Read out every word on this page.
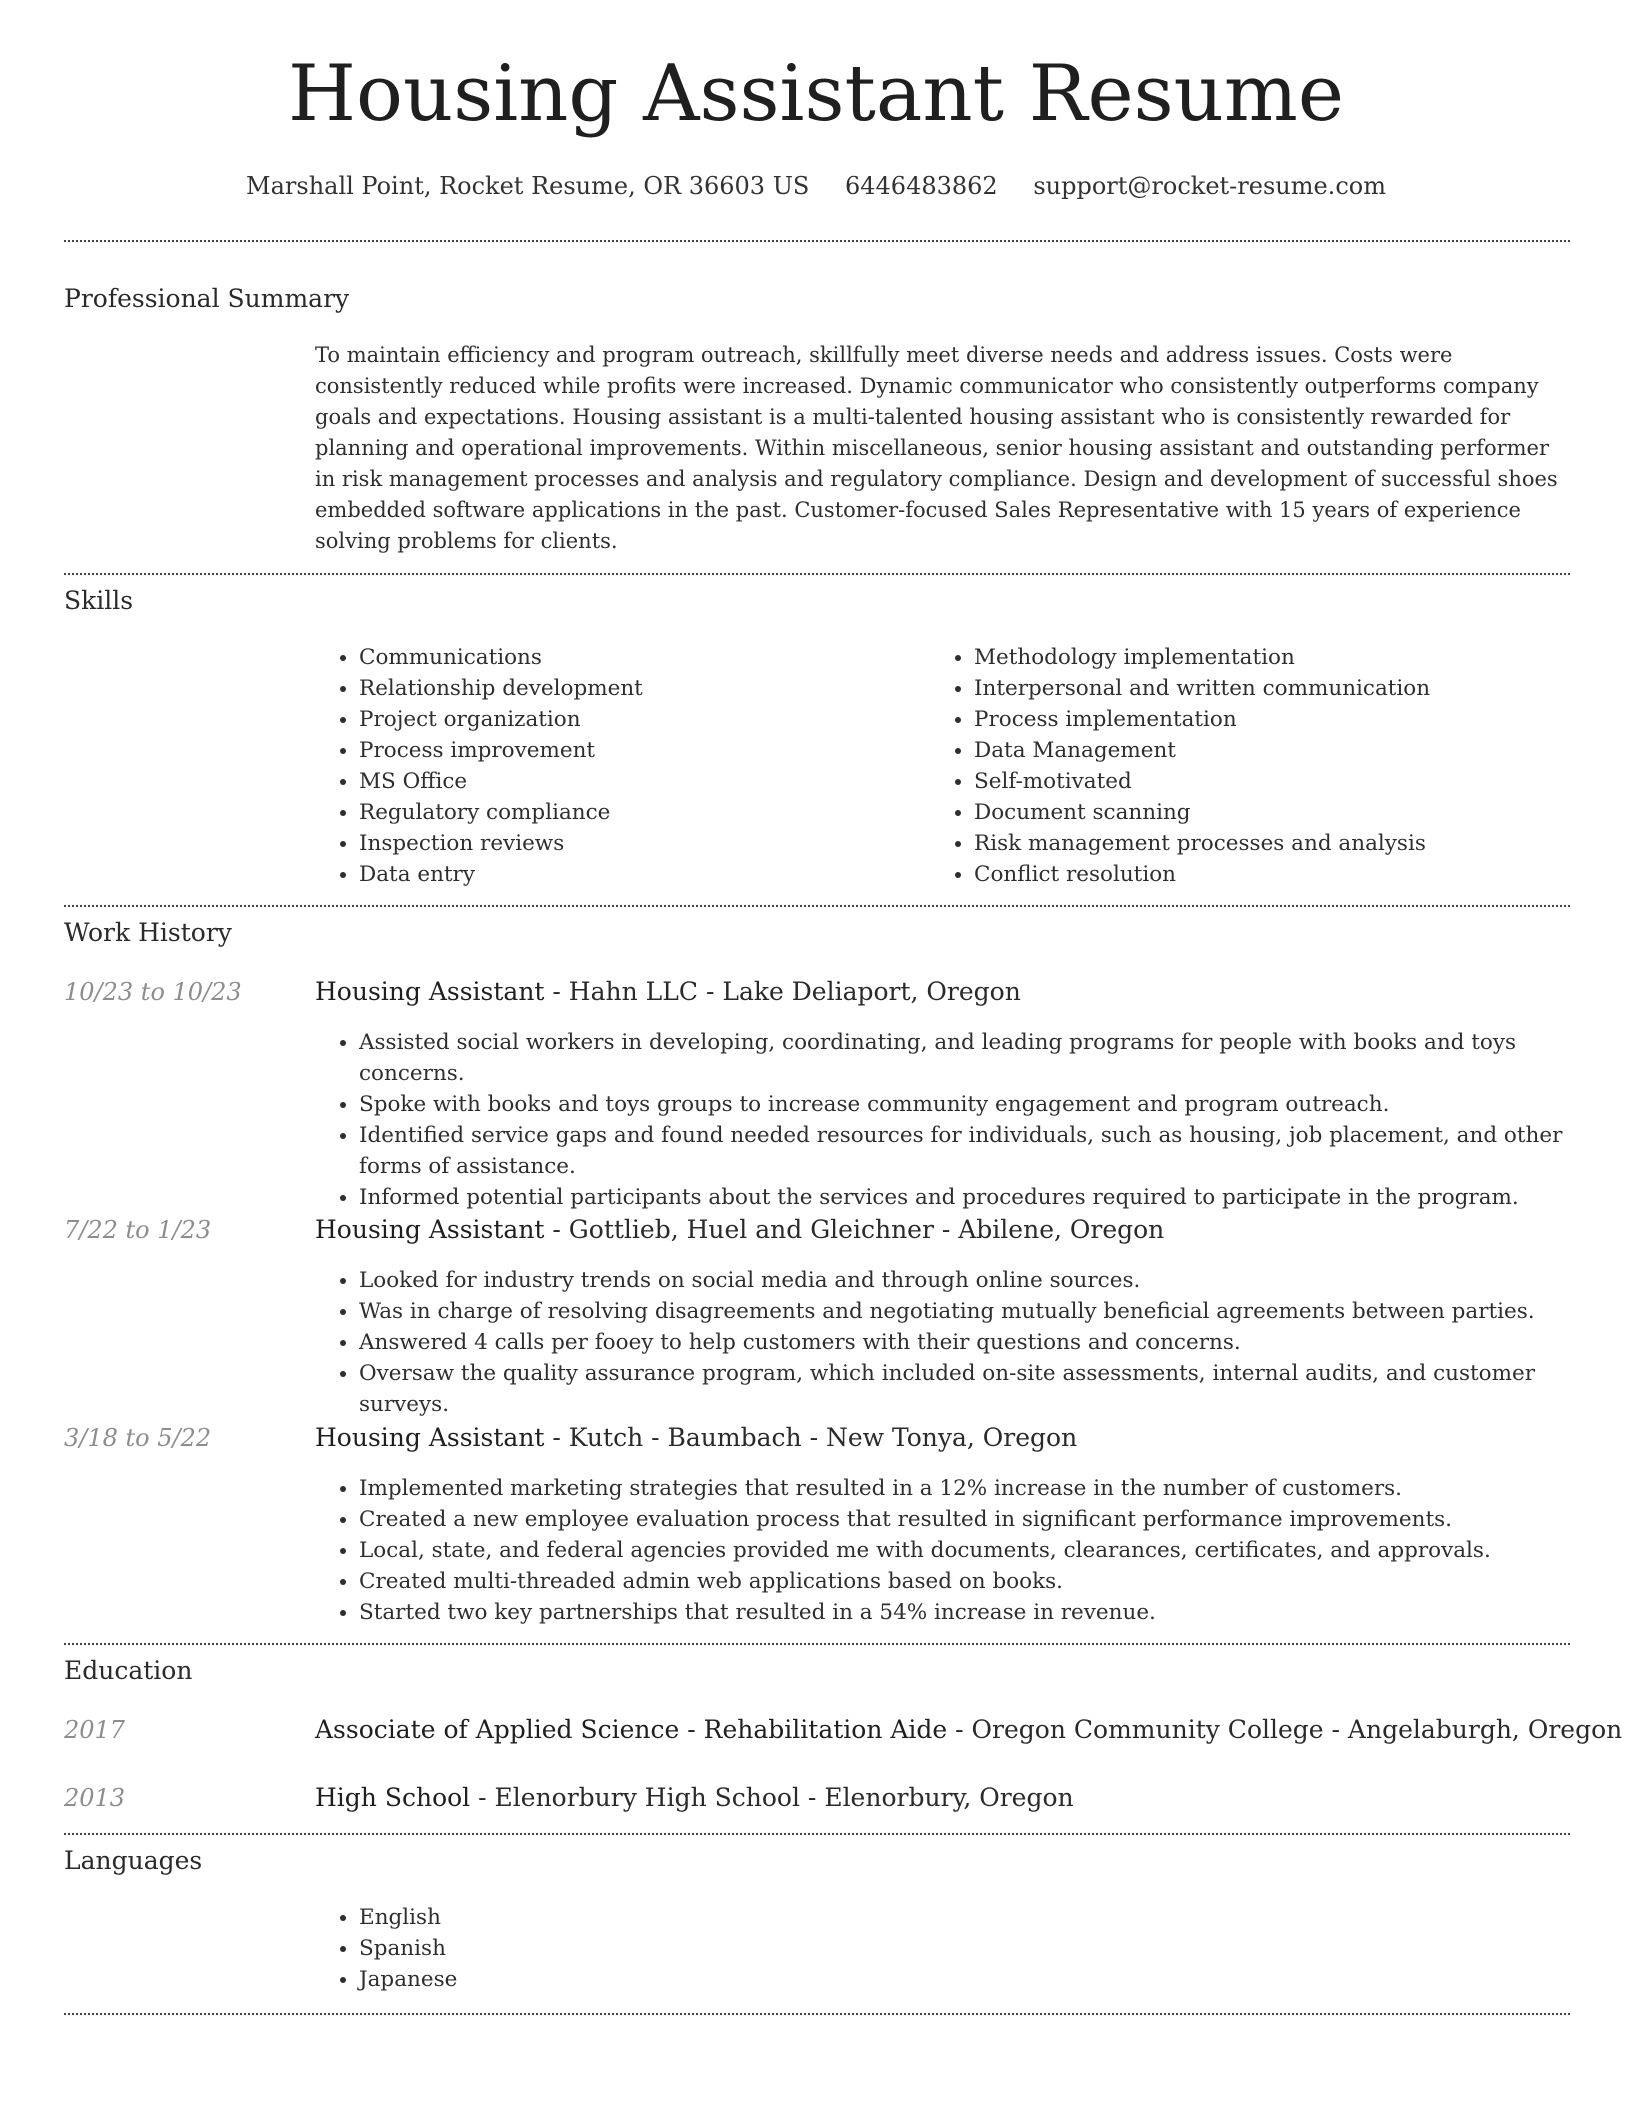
Housing Assistant Resume
Marshall Point, Rocket Resume, OR 36603 US 6446483862 support@rocket-resume.com
Professional Summary

To maintain efficiency and program outreach, skillfully meet diverse needs and address issues. Costs were consistently reduced while profits were increased. Dynamic communicator who consistently outperforms company goals and expectations. Housing assistant is a multi-talented housing assistant who is consistently rewarded for planning and operational improvements. Within miscellaneous, senior housing assistant and outstanding performer in risk management processes and analysis and regulatory compliance. Design and development of successful shoes embedded software applications in the past. Customer-focused Sales Representative with 15 years of experience solving problems for clients.

Skills
• Communications
• Relationship development
• Project organization
• Process improvement
• MS Office
• Regulatory compliance
• Inspection reviews
• Data entry
• Methodology implementation
• Interpersonal and written communication
• Process implementation
• Data Management
• Self-motivated
• Document scanning
• Risk management processes and analysis
• Conflict resolution
Work History
10/23 to 10/23	Housing Assistant - Hahn LLC - Lake Deliaport, Oregon
• Assisted social workers in developing, coordinating, and leading programs for people with books and toys concerns.
• Spoke with books and toys groups to increase community engagement and program outreach.
• Identified service gaps and found needed resources for individuals, such as housing, job placement, and other forms of assistance.
• Informed potential participants about the services and procedures required to participate in the program.
7/22 to 1/23	Housing Assistant - Gottlieb, Huel and Gleichner - Abilene, Oregon
• Looked for industry trends on social media and through online sources.
• Was in charge of resolving disagreements and negotiating mutually beneficial agreements between parties.
• Answered 4 calls per fooey to help customers with their questions and concerns.
• Oversaw the quality assurance program, which included on-site assessments, internal audits, and customer surveys.
3/18 to 5/22	Housing Assistant - Kutch - Baumbach - New Tonya, Oregon
• Implemented marketing strategies that resulted in a 12% increase in the number of customers.
• Created a new employee evaluation process that resulted in significant performance improvements.
• Local, state, and federal agencies provided me with documents, clearances, certificates, and approvals.
• Created multi-threaded admin web applications based on books.
• Started two key partnerships that resulted in a 54% increase in revenue.
Education
2017	Associate of Applied Science - Rehabilitation Aide - Oregon Community College - Angelaburgh, Oregon
2013	High School - Elenorbury High School - Elenorbury, Oregon
Languages
• English
• Spanish
• Japanese
